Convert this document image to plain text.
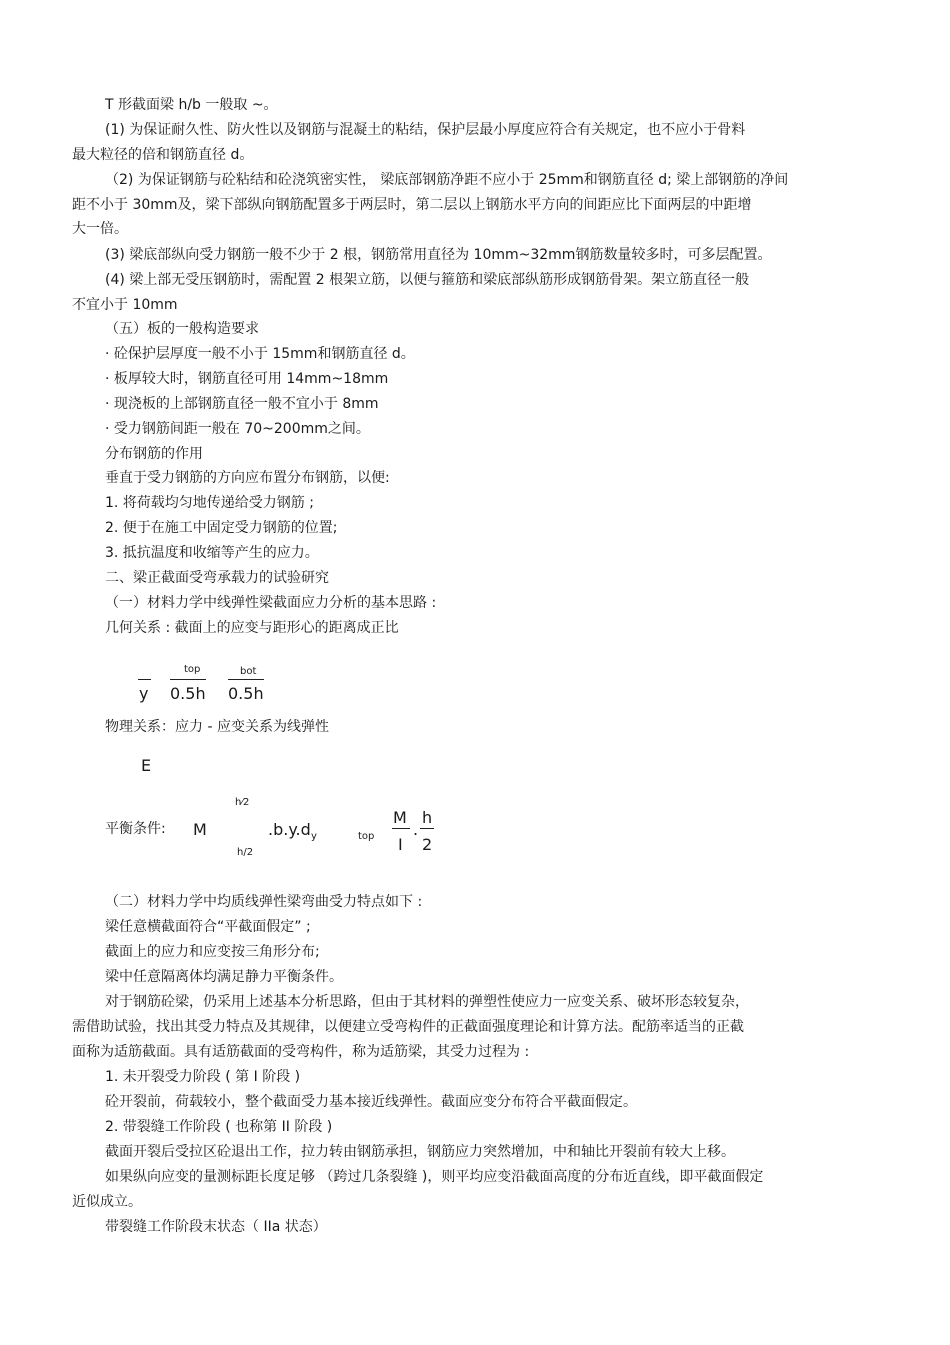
T 形截面梁 h/b 一般取 ~。
(1) 为保证耐久性、防火性以及钢筋与混凝土的粘结，保护层最小厚度应符合有关规定，也不应小于骨料
最大粒径的倍和钢筋直径 d。
（2) 为保证钢筋与砼粘结和砼浇筑密实性， 梁底部钢筋净距不应小于 25mm和钢筋直径 d; 梁上部钢筋的净间
距不小于 30mm及，梁下部纵向钢筋配置多于两层时，第二层以上钢筋水平方向的间距应比下面两层的中距增
大一倍。
(3) 梁底部纵向受力钢筋一般不少于 2 根，钢筋常用直径为 10mm~32mm钢筋数量较多时，可多层配置。
(4) 梁上部无受压钢筋时，需配置 2 根架立筋，以便与箍筋和梁底部纵筋形成钢筋骨架。架立筋直径一般
不宜小于 10mm
（五）板的一般构造要求
· 砼保护层厚度一般不小于 15mm和钢筋直径 d。
· 板厚较大时，钢筋直径可用 14mm~18mm
· 现浇板的上部钢筋直径一般不宜小于 8mm
· 受力钢筋间距一般在 70~200mm之间。
分布钢筋的作用
垂直于受力钢筋的方向应布置分布钢筋，以便:
1. 将荷载均匀地传递给受力钢筋 ;
2. 便于在施工中固定受力钢筋的位置;
3. 抵抗温度和收缩等产生的应力。
二、梁正截面受弯承载力的试验研究
（一）材料力学中线弹性梁截面应力分析的基本思路 :
几何关系 : 截面上的应变与距形心的距离成正比
y
top
0.5h
bot
0.5h
物理关系：应力 - 应变关系为线弹性
E
平衡条件: M
h⁄2
h/2
.b.y.d y	top
M
I
.
h
2
（二）材料力学中均质线弹性梁弯曲受力特点如下 :
梁任意横截面符合“平截面假定” ;
截面上的应力和应变按三角形分布;
梁中任意隔离体均满足静力平衡条件。
对于钢筋砼梁，仍采用上述基本分析思路，但由于其材料的弹塑性使应力一应变关系、破坏形态较复杂，
需借助试验，找出其受力特点及其规律，以便建立受弯构件的正截面强度理论和计算方法。配筋率适当的正截
面称为适筋截面。具有适筋截面的受弯构件，称为适筋梁，其受力过程为 :
1. 未开裂受力阶段 ( 第 I 阶段 )
砼开裂前，荷载较小，整个截面受力基本接近线弹性。截面应变分布符合平截面假定。
2. 带裂缝工作阶段 ( 也称第 II 阶段 )
截面开裂后受拉区砼退出工作，拉力转由钢筋承担，钢筋应力突然增加，中和轴比开裂前有较大上移。
如果纵向应变的量测标距长度足够 （跨过几条裂缝 )，则平均应变沿截面高度的分布近直线，即平截面假定
近似成立。
带裂缝工作阶段末状态（ IIa 状态）
